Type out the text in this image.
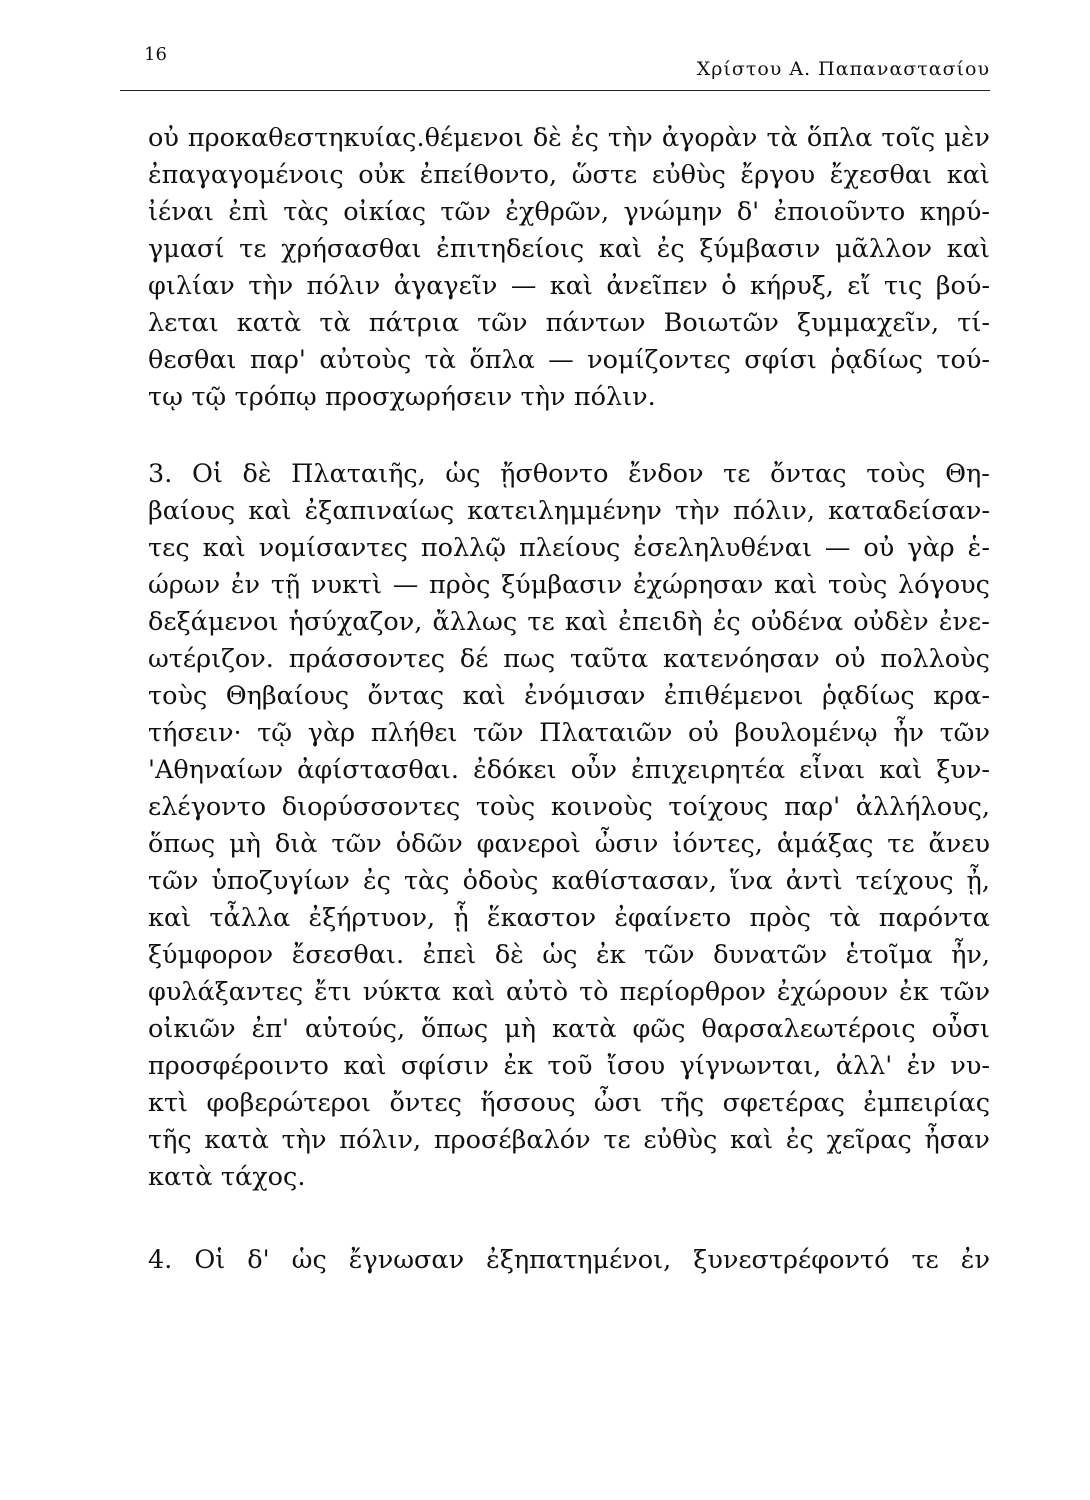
16
Χρίστου Α. Παπαναστασίου
οὐ προκαθεστηκυίας.θέμενοι δὲ ἐς τὴν ἀγορὰν τὰ ὅπλα τοῖς μὲν
ἐπαγαγομένοις οὐκ ἐπείθοντο, ὥστε εὐθὺς ἔργου ἔχεσθαι καὶ
ἰέναι ἐπὶ τὰς οἰκίας τῶν ἐχθρῶν, γνώμην δ' ἐποιοῦντο κηρύ-
γμασί τε χρήσασθαι ἐπιτηδείοις καὶ ἐς ξύμβασιν μᾶλλον καὶ
φιλίαν τὴν πόλιν ἀγαγεῖν — καὶ ἀνεῖπεν ὁ κήρυξ, εἴ τις βού-
λεται κατὰ τὰ πάτρια τῶν πάντων Βοιωτῶν ξυμμαχεῖν, τί-
θεσθαι παρ' αὐτοὺς τὰ ὅπλα — νομίζοντες σφίσι ῥᾳδίως τού-
τῳ τῷ τρόπῳ προσχωρήσειν τὴν πόλιν.
3. Οἱ δὲ Πλαταιῆς, ὡς ᾔσθοντο ἔνδον τε ὄντας τοὺς Θη-
βαίους καὶ ἐξαπιναίως κατειλημμένην τὴν πόλιν, καταδείσαν-
τες καὶ νομίσαντες πολλῷ πλείους ἐσεληλυθέναι — οὐ γὰρ ἑ-
ώρων ἐν τῇ νυκτὶ — πρὸς ξύμβασιν ἐχώρησαν καὶ τοὺς λόγους
δεξάμενοι ἡσύχαζον, ἄλλως τε καὶ ἐπειδὴ ἐς οὐδένα οὐδὲν ἐνε-
ωτέριζον. πράσσοντες δέ πως ταῦτα κατενόησαν οὐ πολλοὺς
τοὺς Θηβαίους ὄντας καὶ ἐνόμισαν ἐπιθέμενοι ῥᾳδίως κρα-
τήσειν· τῷ γὰρ πλήθει τῶν Πλαταιῶν οὐ βουλομένῳ ἦν τῶν
'Αθηναίων ἀφίστασθαι. ἐδόκει οὖν ἐπιχειρητέα εἶναι καὶ ξυν-
ελέγοντο διορύσσοντες τοὺς κοινοὺς τοίχους παρ' ἀλλήλους,
ὅπως μὴ διὰ τῶν ὁδῶν φανεροὶ ὦσιν ἰόντες, ἁμάξας τε ἄνευ
τῶν ὑποζυγίων ἐς τὰς ὁδοὺς καθίστασαν, ἵνα ἀντὶ τείχους ᾖ,
καὶ τἆλλα ἐξήρτυον, ᾗ ἕκαστον ἐφαίνετο πρὸς τὰ παρόντα
ξύμφορον ἔσεσθαι. ἐπεὶ δὲ ὡς ἐκ τῶν δυνατῶν ἑτοῖμα ἦν,
φυλάξαντες ἔτι νύκτα καὶ αὐτὸ τὸ περίορθρον ἐχώρουν ἐκ τῶν
οἰκιῶν ἐπ' αὐτούς, ὅπως μὴ κατὰ φῶς θαρσαλεωτέροις οὖσι
προσφέροιντο καὶ σφίσιν ἐκ τοῦ ἴσου γίγνωνται, ἀλλ' ἐν νυ-
κτὶ φοβερώτεροι ὄντες ἥσσους ὦσι τῆς σφετέρας ἐμπειρίας
τῆς κατὰ τὴν πόλιν, προσέβαλόν τε εὐθὺς καὶ ἐς χεῖρας ἦσαν
κατὰ τάχος.
4. Οἱ δ' ὡς ἔγνωσαν ἐξηπατημένοι, ξυνεστρέφοντό τε ἐν
